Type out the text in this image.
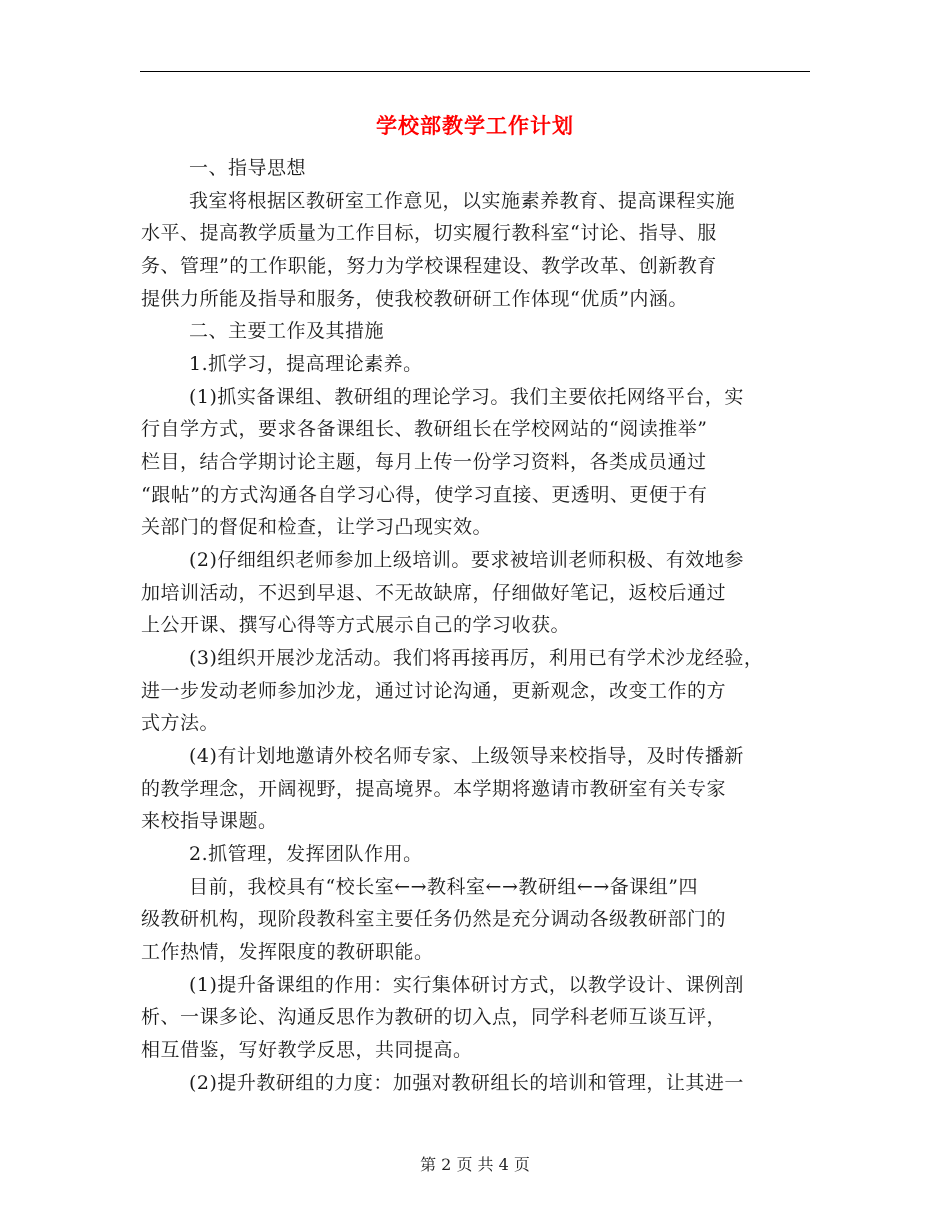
学校部教学工作计划
一、指导思想
我室将根据区教研室工作意见，以实施素养教育、提高课程实施
水平、提高教学质量为工作目标，切实履行教科室“讨论、指导、服
务、管理”的工作职能，努力为学校课程建设、教学改革、创新教育
提供力所能及指导和服务，使我校教研研工作体现“优质”内涵。
二、主要工作及其措施
1.抓学习，提高理论素养。
(1)抓实备课组、教研组的理论学习。我们主要依托网络平台，实
行自学方式，要求各备课组长、教研组长在学校网站的“阅读推举”
栏目，结合学期讨论主题，每月上传一份学习资料，各类成员通过
“跟帖”的方式沟通各自学习心得，使学习直接、更透明、更便于有
关部门的督促和检查，让学习凸现实效。
(2)仔细组织老师参加上级培训。要求被培训老师积极、有效地参
加培训活动，不迟到早退、不无故缺席，仔细做好笔记，返校后通过
上公开课、撰写心得等方式展示自己的学习收获。
(3)组织开展沙龙活动。我们将再接再厉，利用已有学术沙龙经验，
进一步发动老师参加沙龙，通过讨论沟通，更新观念，改变工作的方
式方法。
(4)有计划地邀请外校名师专家、上级领导来校指导，及时传播新
的教学理念，开阔视野，提高境界。本学期将邀请市教研室有关专家
来校指导课题。
2.抓管理，发挥团队作用。
目前，我校具有“校长室←→教科室←→教研组←→备课组”四
级教研机构，现阶段教科室主要任务仍然是充分调动各级教研部门的
工作热情，发挥限度的教研职能。
(1)提升备课组的作用：实行集体研讨方式，以教学设计、课例剖
析、一课多论、沟通反思作为教研的切入点，同学科老师互谈互评，
相互借鉴，写好教学反思，共同提高。
(2)提升教研组的力度：加强对教研组长的培训和管理，让其进一
第 2 页 共 4 页
